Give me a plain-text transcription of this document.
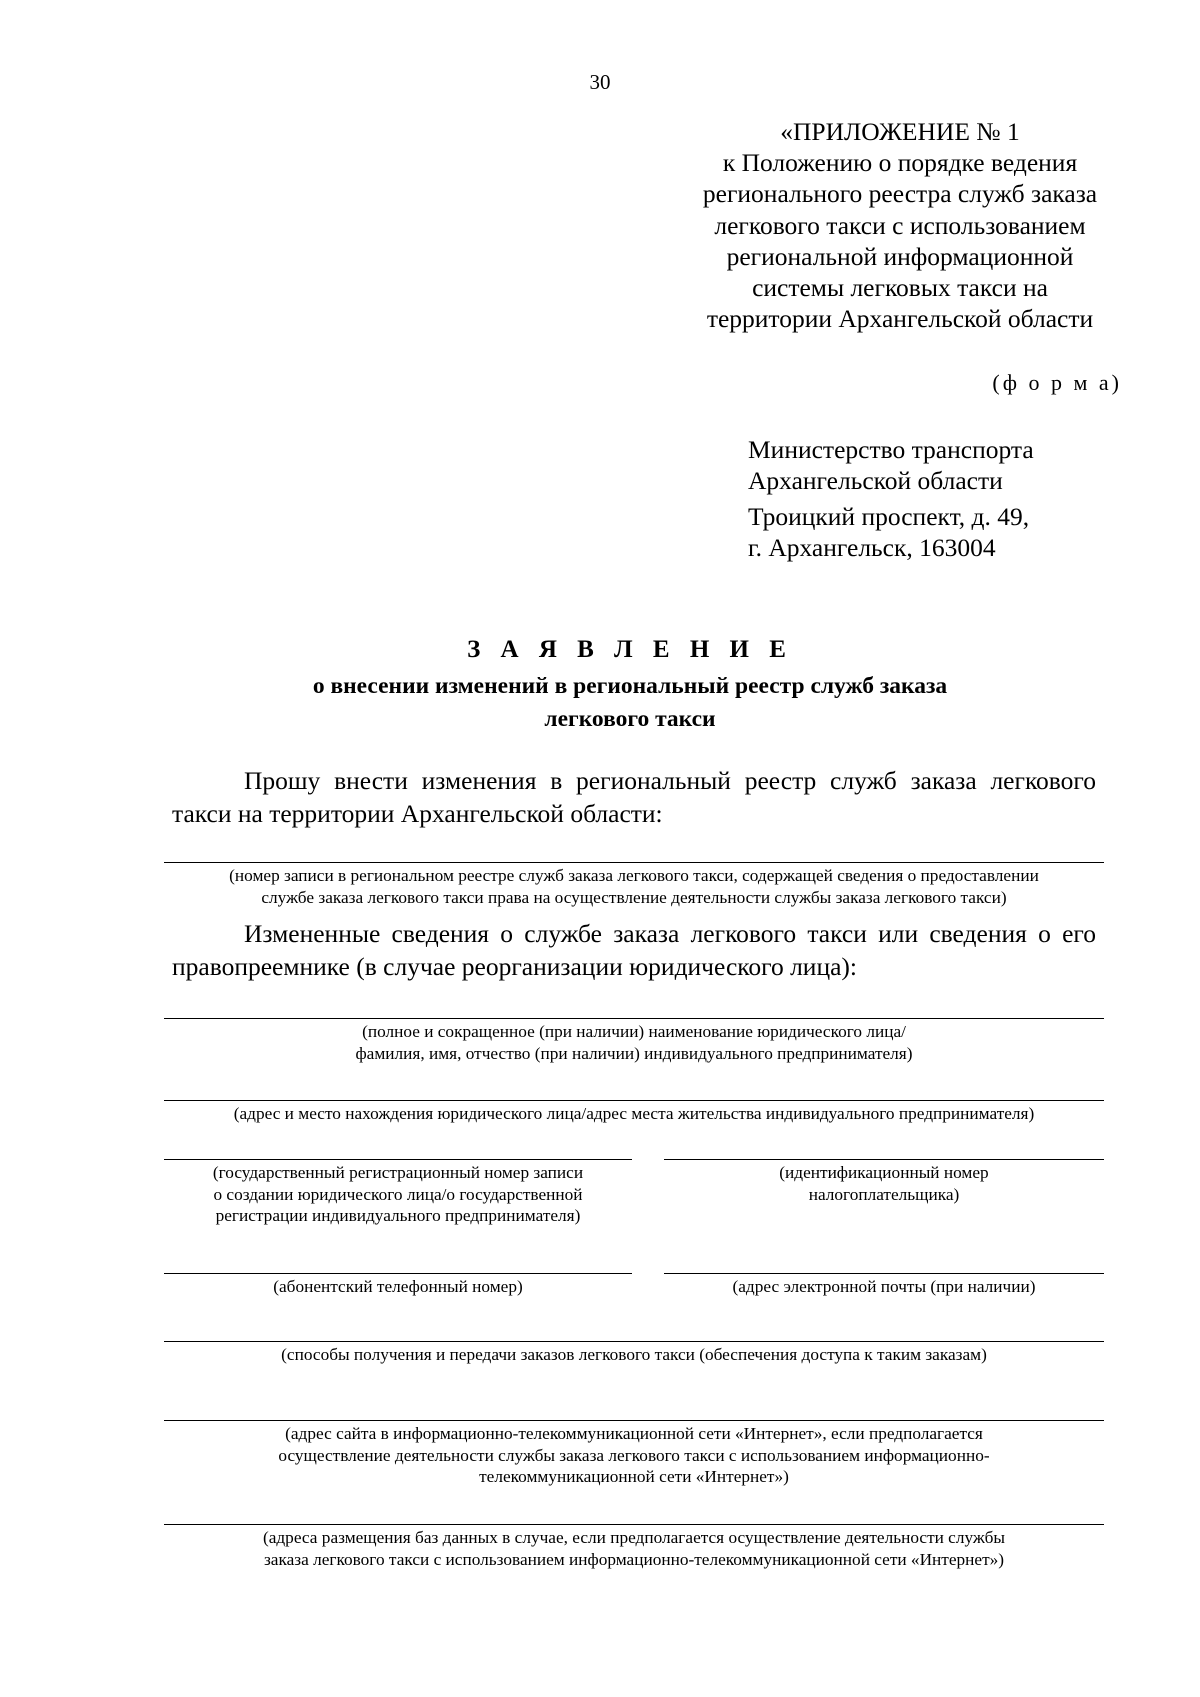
30
«ПРИЛОЖЕНИЕ № 1
к Положению о порядке ведения
регионального реестра служб заказа
легкового такси с использованием
региональной информационной
системы легковых такси на
территории Архангельской области
(ф о р м а)
Министерство транспорта
Архангельской области
Троицкий проспект, д. 49,
г. Архангельск, 163004
З А Я В Л Е Н И Е
о внесении изменений в региональный реестр служб заказа
легкового такси
Прошу внести изменения в региональный реестр служб заказа легкового такси на территории Архангельской области:
(номер записи в региональном реестре служб заказа легкового такси, содержащей сведения о предоставлении
службе заказа легкового такси права на осуществление деятельности службы заказа легкового такси)
Измененные сведения о службе заказа легкового такси или сведения о его правопреемнике (в случае реорганизации юридического лица):
(полное и сокращенное (при наличии) наименование юридического лица/
фамилия, имя, отчество (при наличии) индивидуального предпринимателя)
(адрес и место нахождения юридического лица/адрес места жительства индивидуального предпринимателя)
(государственный регистрационный номер записи
о создании юридического лица/о государственной
регистрации индивидуального предпринимателя)
(идентификационный номер
налогоплательщика)
(абонентский телефонный номер)	(адрес электронной почты (при наличии)
(способы получения и передачи заказов легкового такси (обеспечения доступа к таким заказам)
(адрес сайта в информационно-телекоммуникационной сети «Интернет», если предполагается
осуществление деятельности службы заказа легкового такси с использованием информационно-
телекоммуникационной сети «Интернет»)
(адреса размещения баз данных в случае, если предполагается осуществление деятельности службы
заказа легкового такси с использованием информационно-телекоммуникационной сети «Интернет»)
